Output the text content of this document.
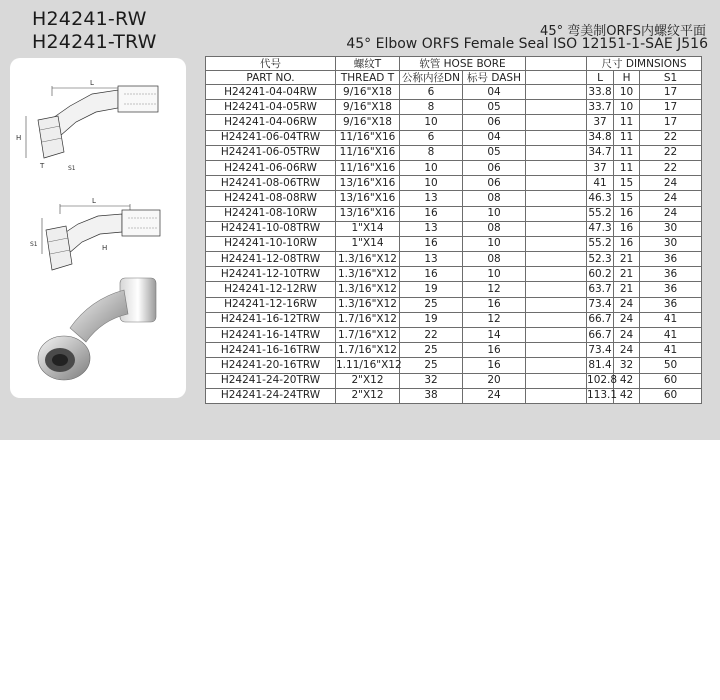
H24241-RW
H24241-TRW	45° 弯美制ORFS内螺纹平面
45° Elbow ORFS Female Seal ISO 12151-1-SAE J516
L
H
T	S1
L
S1	H
代号	螺纹T	软管 HOSE BORE			尺寸 DIMNSIONS		
PART NO.	THREAD T	公称内径DN	标号 DASH		L	H	S1
H24241-04-04RW	9/16"X18	6	04		33.8	10	17
H24241-04-05RW	9/16"X18	8	05		33.7	10	17
H24241-04-06RW	9/16"X18	10	06		37	11	17
H24241-06-04TRW	11/16"X16	6	04		34.8	11	22
H24241-06-05TRW	11/16"X16	8	05		34.7	11	22
H24241-06-06RW	11/16"X16	10	06		37	11	22
H24241-08-06TRW	13/16"X16	10	06		41	15	24
H24241-08-08RW	13/16"X16	13	08		46.3	15	24
H24241-08-10RW	13/16"X16	16	10		55.2	16	24
H24241-10-08TRW	1"X14	13	08		47.3	16	30
H24241-10-10RW	1"X14	16	10		55.2	16	30
H24241-12-08TRW	1.3/16"X12	13	08		52.3	21	36
H24241-12-10TRW	1.3/16"X12	16	10		60.2	21	36
H24241-12-12RW	1.3/16"X12	19	12		63.7	21	36
H24241-12-16RW	1.3/16"X12	25	16		73.4	24	36
H24241-16-12TRW	1.7/16"X12	19	12		66.7	24	41
H24241-16-14TRW	1.7/16"X12	22	14		66.7	24	41
H24241-16-16TRW	1.7/16"X12	25	16		73.4	24	41
H24241-20-16TRW	1.11/16"X12	25	16		81.4	32	50
H24241-24-20TRW	2"X12	32	20		102.8	42	60
H24241-24-24TRW	2"X12	38	24		113.1	42	60
